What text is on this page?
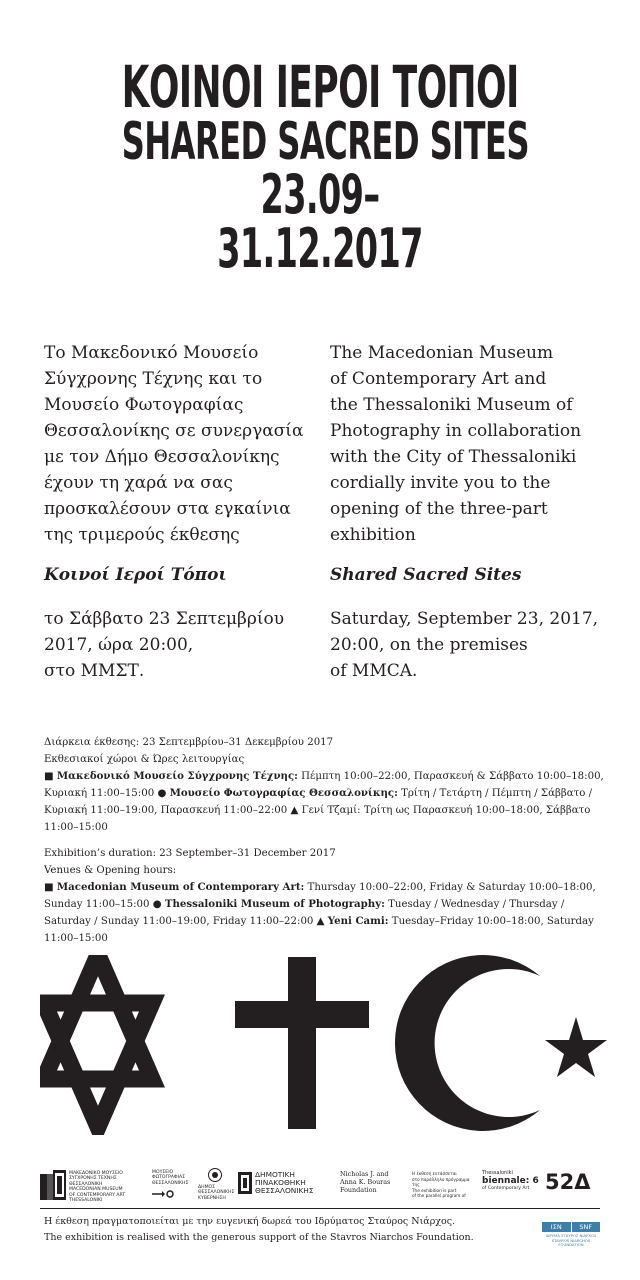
ΚΟΙΝΟΙ ΙΕΡΟΙ ΤΟΠΟΙ
SHARED SACRED SITES
23.09–
31.12.2017

Το Μακεδονικό Μουσείο
Σύγχρονης Τέχνης και το
Μουσείο Φωτογραφίας
Θεσσαλονίκης σε συνεργασία
με τον Δήμο Θεσσαλονίκης
έχουν τη χαρά να σας
προσκαλέσουν στα εγκαίνια
της τριμερούς έκθεσης

Κοινοί Ιεροί Τόποι

το Σάββατο 23 Σεπτεμβρίου
2017, ώρα 20:00,
στο ΜΜΣΤ.

The Macedonian Museum
of Contemporary Art and
the Thessaloniki Museum of
Photography in collaboration
with the City of Thessaloniki
cordially invite you to the
opening of the three-part
exhibition

Shared Sacred Sites

Saturday, September 23, 2017,
20:00, on the premises
of MMCA.

Διάρκεια έκθεσης: 23 Σεπτεμβρίου–31 Δεκεμβρίου 2017
Εκθεσιακοί χώροι & Ώρες λειτουργίας
■ Μακεδονικό Μουσείο Σύγχρονης Τέχνης: Πέμπτη 10:00–22:00, Παρασκευή & Σάββατο 10:00–18:00, Κυριακή 11:00–15:00 ● Μουσείο Φωτογραφίας Θεσσαλονίκης: Τρίτη / Τετάρτη / Πέμπτη / Σάββατο / Κυριακή 11:00–19:00, Παρασκευή 11:00–22:00 ▲ Γενί Τζαμί: Τρίτη ως Παρασκευή 10:00–18:00, Σάββατο 11:00–15:00
Exhibition’s duration: 23 September–31 December 2017
Venues & Opening hours:
■ Macedonian Museum of Contemporary Art: Thursday 10:00–22:00, Friday & Saturday 10:00–18:00, Sunday 11:00–15:00 ● Thessaloniki Museum of Photography: Tuesday / Wednesday / Thursday / Saturday / Sunday 11:00–19:00, Friday 11:00–22:00 ▲ Yeni Cami: Tuesday–Friday 10:00–18:00, Saturday 11:00–15:00
ΜΑΚΕΔΟΝΙΚΟ ΜΟΥΣΕΙΟ
ΣΥΓΧΡΟΝΗΣ ΤΕΧΝΗΣ
ΘΕΣΣΑΛΟΝΙΚΗ
MACEDONIAN MUSEUM
OF CONTEMPORARY ART
THESSALONIKI
ΜΟΥΣΕΙΟ
ΦΩΤΟΓΡΑΦΙΑΣ
ΘΕΣΣΑΛΟΝΙΚΗΣ
ΔΗΜΟΣ ΘΕΣΣΑΛΟΝΙΚΗΣ
ΚΥΒΕΡΝΗΣΗ
ΔΗΜΟΤΙΚΗ
ΠΙΝΑΚΟΘΗΚΗ
ΘΕΣΣΑΛΟΝΙΚΗΣ
Nicholas J. and
Anna K. Bouras
Foundation
Η έκθεση εντάσσεται
στο παράλληλο πρόγραμμα της
The exhibition is part
of the parallel program of
Thessaloniki
biennale: 6
of Contemporary Art 52Δ
Η έκθεση πραγματοποιείται με την ευγενική δωρεά του Ιδρύματος Σταύρος Νιάρχος.
The exhibition is realised with the generous support of the Stavros Niarchos Foundation.
ΙΣΝ	SNF
ΙΔΡΥΜΑ ΣΤΑΥΡΟΣ ΝΙΑΡΧΟΣ
STAVROS NIARCHOS
FOUNDATION
